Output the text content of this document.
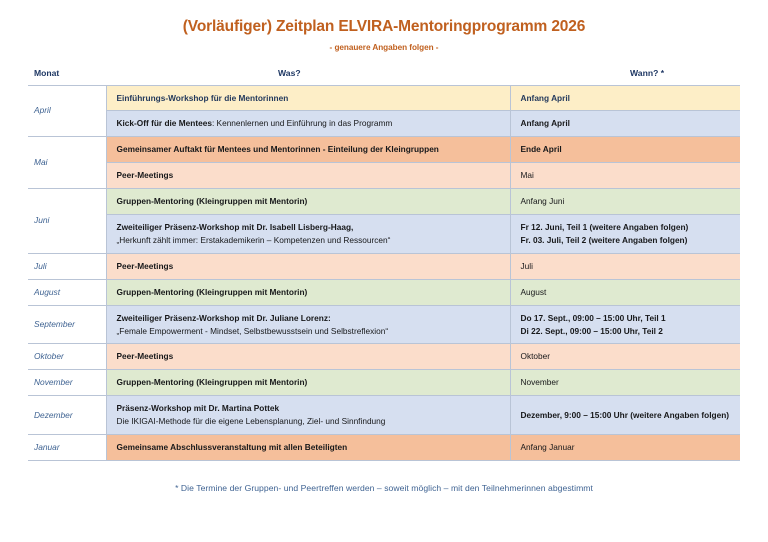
(Vorläufiger) Zeitplan ELVIRA-Mentoringprogramm 2026
- genauere Angaben folgen -
Monat	Was?	Wann? *
April	Einführungs-Workshop für die Mentorinnen	Anfang April

	Kick-Off für die Mentees: Kennenlernen und Einführung in das Programm	Anfang April

Mai	Gemeinsamer Auftakt für Mentees und Mentorinnen - Einteilung der Kleingruppen	Ende April

	Peer-Meetings	Mai

Juni	Gruppen-Mentoring (Kleingruppen mit Mentorin)	Anfang Juni

	Zweiteiliger Präsenz-Workshop mit Dr. Isabell Lisberg-Haag,
„Herkunft zählt immer: Erstakademikerin – Kompetenzen und Ressourcen“	Fr 12. Juni, Teil 1 (weitere Angaben folgen)
Fr. 03. Juli, Teil 2 (weitere Angaben folgen)

Juli	Peer-Meetings	Juli

August	Gruppen-Mentoring (Kleingruppen mit Mentorin)	August

September	Zweiteiliger Präsenz-Workshop mit Dr. Juliane Lorenz:
„Female Empowerment - Mindset, Selbstbewusstsein und Selbstreflexion“	Do 17. Sept., 09:00 – 15:00 Uhr, Teil 1
Di 22. Sept., 09:00 – 15:00 Uhr, Teil 2

Oktober	Peer-Meetings	Oktober

November	Gruppen-Mentoring (Kleingruppen mit Mentorin)	November

Dezember	Präsenz-Workshop mit Dr. Martina Pottek
Die IKIGAI-Methode für die eigene Lebensplanung, Ziel- und Sinnfindung	Dezember, 9:00 – 15:00 Uhr (weitere Angaben folgen)

Januar	Gemeinsame Abschlussveranstaltung mit allen Beteiligten	Anfang Januar
* Die Termine der Gruppen- und Peertreffen werden – soweit möglich – mit den Teilnehmerinnen abgestimmt
